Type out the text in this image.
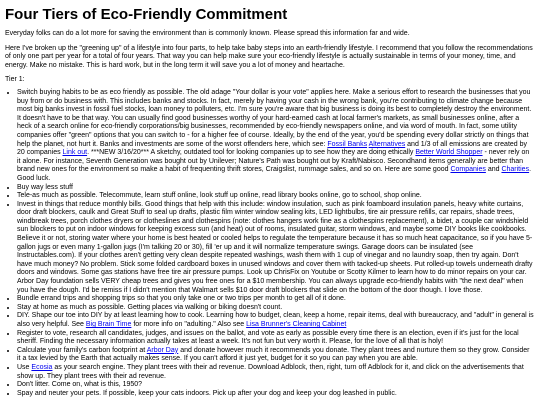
Four Tiers of Eco-Friendly Commitment

Everyday folks can do a lot more for saving the environment than is commonly known. Please spread this information far and wide.

Here I've broken up the "greening up" of a lifestyle into four parts, to help take baby steps into an earth-friendly lifestyle. I recommend that you follow the recommendations of only one part per year for a total of four years. That way you can help make sure your eco-friendly lifestyle is actually sustainable in terms of your money, time, and energy. Make no mistake. This is hard work, but in the long term it will save you a lot of money and heartache.

Tier 1:

• Switch buying habits to be as eco friendly as possible. The old adage "Your dollar is your vote" applies here. Make a serious effort to research the businesses that you buy from or do business with. This includes banks and stocks. In fact, merely by having your cash in the wrong bank, you're contributing to climate change because most big banks invest in fossil fuel stocks, loan money to polluters, etc. I'm sure you're aware that big business is doing its best to completely destroy the environment. It doesn't have to be that way. You can usually find good businesses worthy of your hard-earned cash at local farmer's markets, as small businesses online, after a heck of a search online for eco-friendly corporations/big businesses, recommended by eco-friendly newspapers online, and via word of mouth. In fact, some utility companies offer "green" options that you can switch to - for a higher fee of course. Ideally, by the end of the year, you'd be spending every dollar strictly on things that help the planet, not hurt it. Banks and investments are some of the worst offenders here, which see: Fossil Banks Alternatives and 1/3 of all emissions are created by 20 companies Link out. ***NEW 3/16/20*** A sketchy, outdated tool for looking companies up to see how they are doing ethically Better World Shopper - never rely on it alone. For instance, Seventh Generation was bought out by Unilever; Nature's Path was bought out by Kraft/Nabisco. Secondhand items generally are better than brand new ones for the environment so make a habit of frequenting thrift stores, Craigslist, rummage sales, and so on. Here are some good Companies and Charities. Good luck.
• Buy way less stuff
• Tele-as much as possible. Telecommute, learn stuff online, look stuff up online, read library books online, go to school, shop online.
• Invest in things that reduce monthly bills. Good things that help with this include: window insulation, such as pink foamboard insulation panels, heavy white curtains, door draft blockers, caulk and Great Stuff to seal up drafts, plastic film winter window sealing kits, LED lightbulbs, tire air pressure refills, car repairs, shade trees, windbreak trees, porch clothes dryers or clotheslines and clothespins (note: clothes hangers work fine as a clothespins replacement), a bidet, a couple car windshield sun blockers to put on indoor windows for keeping excess sun (and heat) out of rooms, insulated guitar, storm windows, and maybe some DIY books like cookbooks. Believe it or not, storing water where your home is best heated or cooled helps to regulate the temperature because it has so much heat capacitance, so if you have 5-gallon jugs or even many 1-gallon jugs (I'm talking 20 or 30), fill 'er up and it will normalize temperature swings. Garage doors can be insulated (see Instructables.com). If your clothes aren't getting very clean despite repeated washings, wash them with 1 cup of vinegar and no laundry soap, then try again. Don't have much money? No problem. Stick some folded cardboard boxes in unused windows and cover them with tacked-up sheets. Put rolled-up towels underneath drafty doors and windows. Some gas stations have free tire air pressure pumps. Look up ChrisFix on Youtube or Scotty Kilmer to learn how to do minor repairs on your car. Arbor Day foundation sells VERY cheap trees and gives you free ones for a $10 membership. You can always upgrade eco-friendly habits with "the next deal" when you have the dough. I'd be remiss if I didn't mention that Walmart sells $10 door draft blockers that slide on the bottom of the door though. I love those.
• Bundle errand trips and shopping trips so that you only take one or two trips per month to get all of it done.
• Stay at home as much as possible. Getting places via walking or biking doesn't count.
• DIY. Shape our toe into DIY by at least learning how to cook. Learning how to budget, clean, keep a home, repair items, deal with bureaucracy, and "adult" in general is also very helpful. See Big Brain Time for more info on "adulting." Also see Lisa Brunner's Cleaning Cabinet
• Register to vote, research all candidates, judges, and issues on the ballot, and vote as early as possible every time there is an election, even if it's just for the local sheriff. Finding the necessary information actually takes at least a week. It's not fun but very worth it. Please, for the love of all that is holy!
• Calculate your family's carbon footprint at Arbor Day and donate however much it recommends you donate. They plant trees and nurture them so they grow. Consider it a tax levied by the Earth that actually makes sense. If you can't afford it just yet, budget for it so you can pay when you are able.
• Use Ecosia as your search engine. They plant trees with their ad revenue. Download Adblock, then, right, turn off Adblock for it, and click on the advertisements that show up. They plant trees with their ad revenue.
• Don't litter. Come on, what is this, 1950?
• Spay and neuter your pets. If possible, keep your cats indoors. Pick up after your dog and keep your dog leashed in public.
